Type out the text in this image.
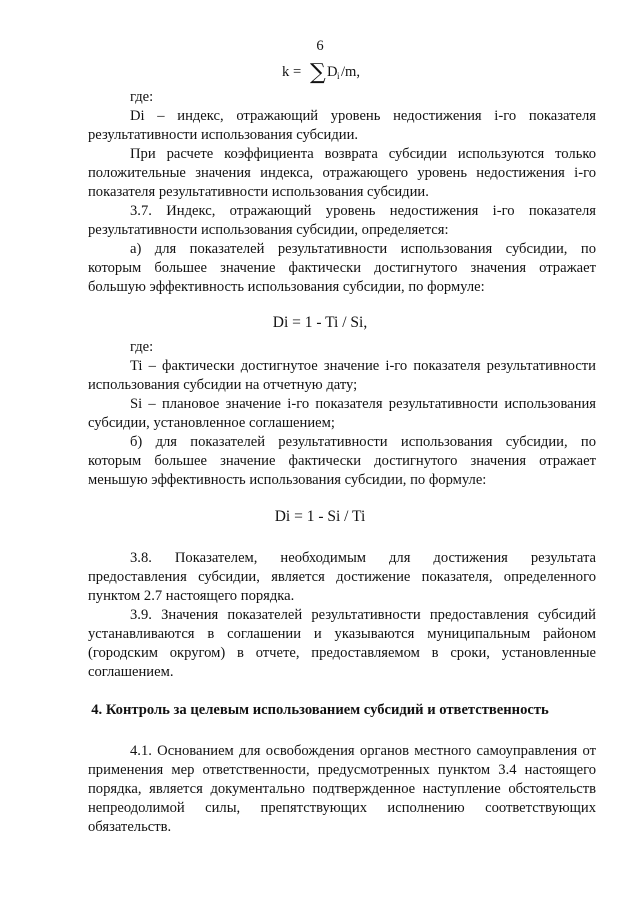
6
k = ∑ D i /m,
где:
Di – индекс, отражающий уровень недостижения i-го показателя
результативности использования субсидии.
При расчете коэффициента возврата субсидии используются только
положительные значения индекса, отражающего уровень недостижения i-го
показателя результативности использования субсидии.
3.7. Индекс, отражающий уровень недостижения i-го показателя
результативности использования субсидии, определяется:
а) для показателей результативности использования субсидии, по
которым большее значение фактически достигнутого значения отражает
большую эффективность использования субсидии, по формуле:
Di = 1 - Ti / Si,
где:
Ti – фактически достигнутое значение i-го показателя результативности
использования субсидии на отчетную дату;
Si – плановое значение i-го показателя результативности использования
субсидии, установленное соглашением;
б) для показателей результативности использования субсидии, по
которым большее значение фактически достигнутого значения отражает
меньшую эффективность использования субсидии, по формуле:
Di = 1 - Si / Ti
3.8. Показателем, необходимым для достижения результата
предоставления субсидии, является достижение показателя, определенного
пунктом 2.7 настоящего порядка.
3.9. Значения показателей результативности предоставления субсидий
устанавливаются в соглашении и указываются муниципальным районом
(городским округом) в отчете, предоставляемом в сроки, установленные
соглашением.
4. Контроль за целевым использованием субсидий и ответственность
4.1. Основанием для освобождения органов местного самоуправления от
применения мер ответственности, предусмотренных пунктом 3.4 настоящего
порядка, является документально подтвержденное наступление обстоятельств
непреодолимой силы, препятствующих исполнению соответствующих
обязательств.
